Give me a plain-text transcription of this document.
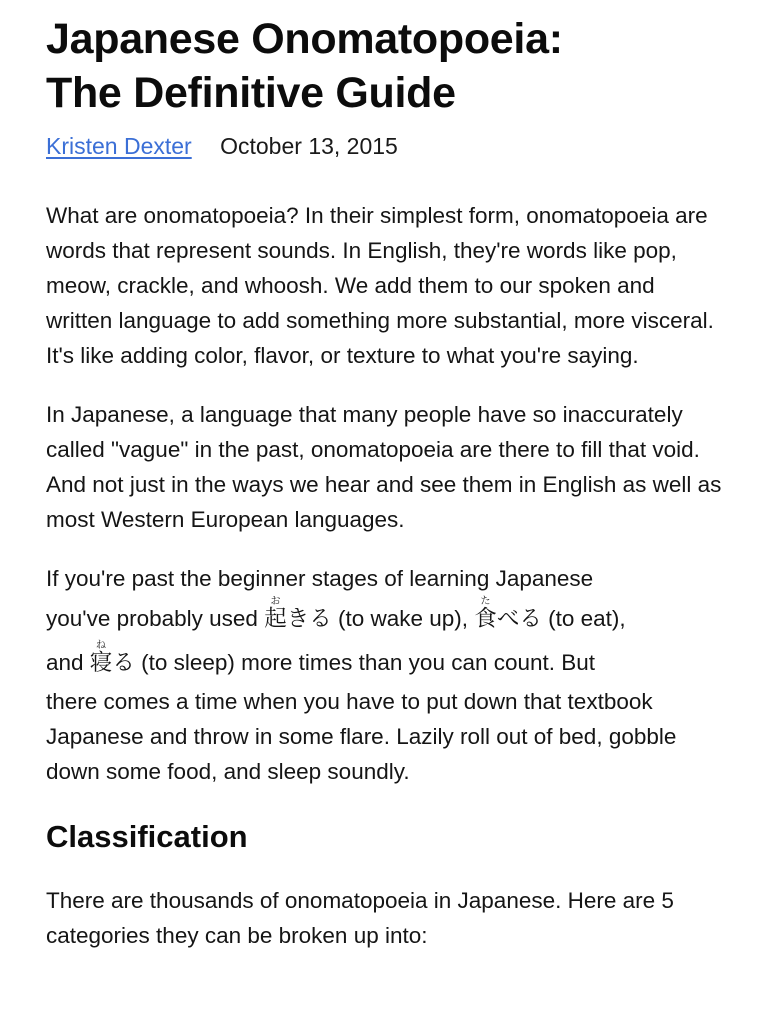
Japanese Onomatopoeia:
The Definitive Guide
Kristen Dexter October 13, 2015

What are onomatopoeia? In their simplest form, onomatopoeia are words that represent sounds. In English, they're words like pop, meow, crackle, and whoosh. We add them to our spoken and written language to add something more substantial, more visceral. It's like adding color, flavor, or texture to what you're saying.

In Japanese, a language that many people have so inaccurately called "vague" in the past, onomatopoeia are there to fill that void. And not just in the ways we hear and see them in English as well as most Western European languages.

If you're past the beginner stages of learning Japanese
you've probably used 起おきる (to wake up), 食たべる (to eat),
and 寝ねる (to sleep) more times than you can count. But
there comes a time when you have to put down that textbook Japanese and throw in some flare. Lazily roll out of bed, gobble down some food, and sleep soundly.

Classification

There are thousands of onomatopoeia in Japanese. Here are 5 categories they can be broken up into:
